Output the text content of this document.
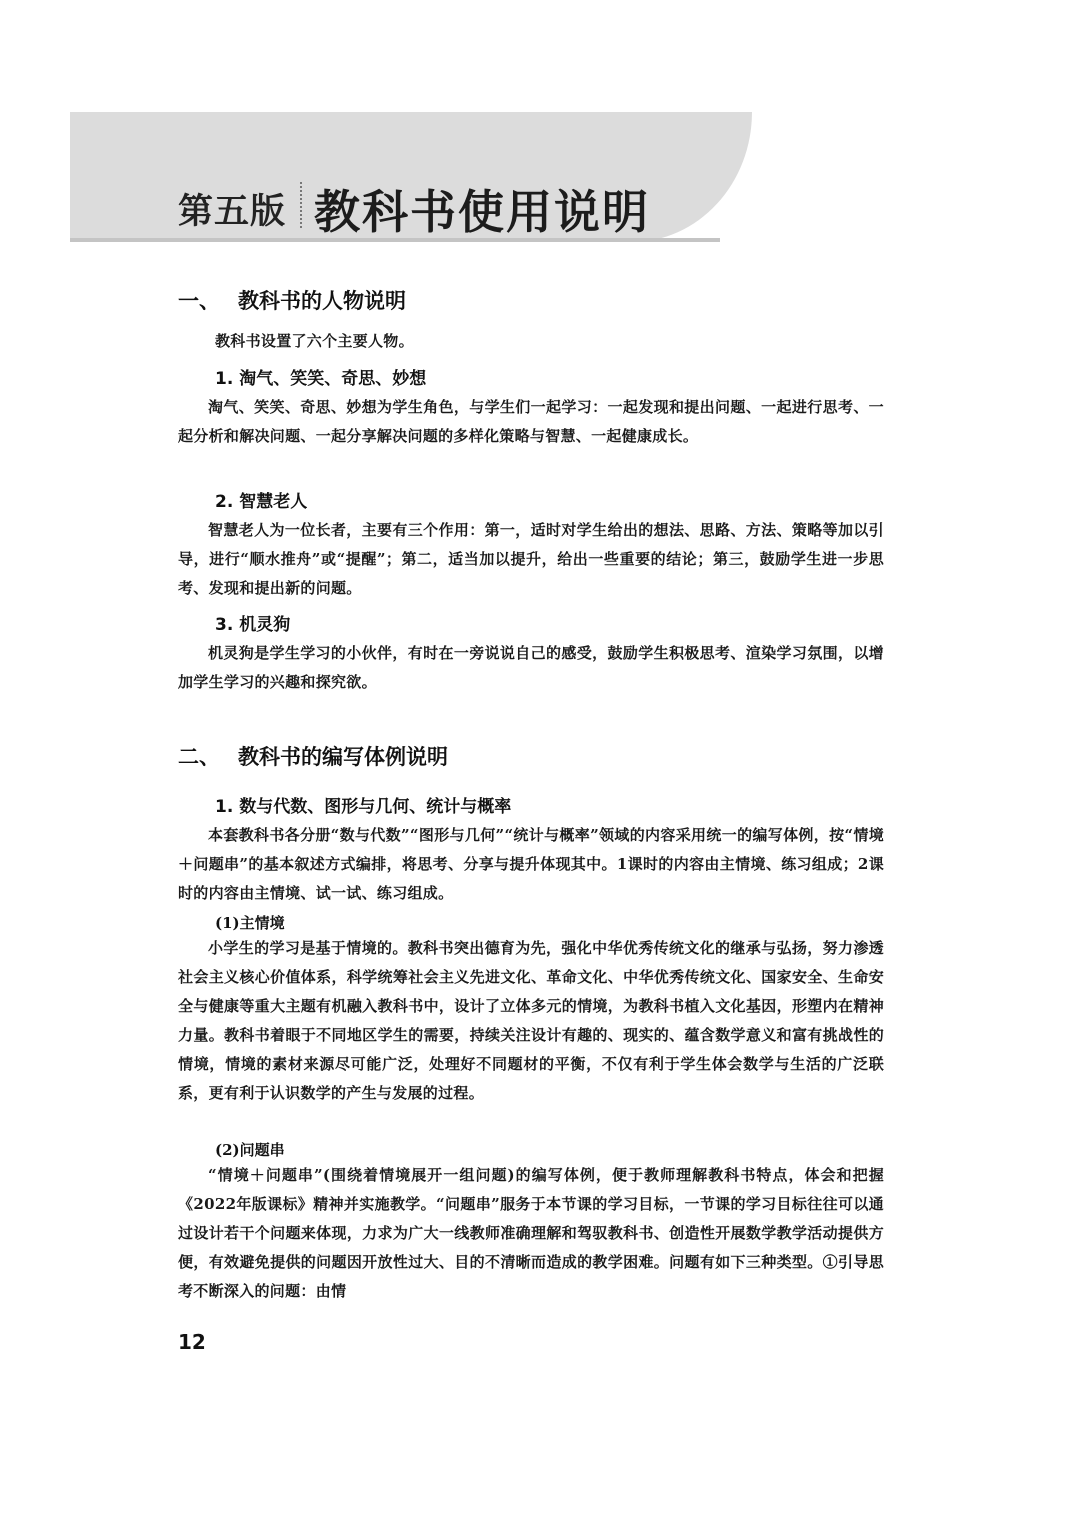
第五版 教科书使用说明
一、 教科书的人物说明

教科书设置了六个主要人物。

1. 淘气、笑笑、奇思、妙想

淘气、笑笑、奇思、妙想为学生角色，与学生们一起学习：一起发现和提出问题、一起进行思考、一起分析和解决问题、一起分享解决问题的多样化策略与智慧、一起健康成长。

2. 智慧老人

智慧老人为一位长者，主要有三个作用：第一，适时对学生给出的想法、思路、方法、策略等加以引导，进行“顺水推舟”或“提醒”；第二，适当加以提升，给出一些重要的结论；第三，鼓励学生进一步思考、发现和提出新的问题。

3. 机灵狗

机灵狗是学生学习的小伙伴，有时在一旁说说自己的感受，鼓励学生积极思考、渲染学习氛围，以增加学生学习的兴趣和探究欲。

二、 教科书的编写体例说明
1. 数与代数、图形与几何、统计与概率

本套教科书各分册“数与代数”“图形与几何”“统计与概率”领域的内容采用统一的编写体例，按“情境＋问题串”的基本叙述方式编排，将思考、分享与提升体现其中。1课时的内容由主情境、练习组成；2课时的内容由主情境、试一试、练习组成。

(1)主情境

小学生的学习是基于情境的。教科书突出德育为先，强化中华优秀传统文化的继承与弘扬，努力渗透社会主义核心价值体系，科学统筹社会主义先进文化、革命文化、中华优秀传统文化、国家安全、生命安全与健康等重大主题有机融入教科书中，设计了立体多元的情境，为教科书植入文化基因，形塑内在精神力量。教科书着眼于不同地区学生的需要，持续关注设计有趣的、现实的、蕴含数学意义和富有挑战性的情境，情境的素材来源尽可能广泛，处理好不同题材的平衡，不仅有利于学生体会数学与生活的广泛联系，更有利于认识数学的产生与发展的过程。

(2)问题串

“情境＋问题串”(围绕着情境展开一组问题)的编写体例，便于教师理解教科书特点，体会和把握《2022年版课标》精神并实施教学。“问题串”服务于本节课的学习目标，一节课的学习目标往往可以通过设计若干个问题来体现，力求为广大一线教师准确理解和驾驭教科书、创造性开展数学教学活动提供方便，有效避免提供的问题因开放性过大、目的不清晰而造成的教学困难。问题有如下三种类型。①引导思考不断深入的问题：由情

12
